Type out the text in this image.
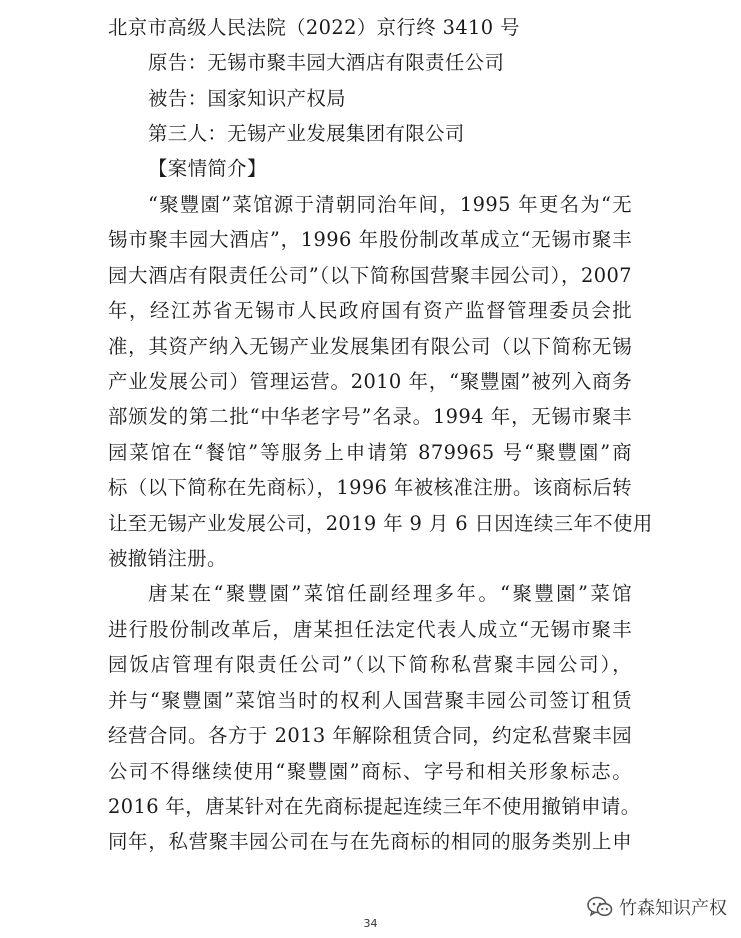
北京市高级人民法院（2022）京行终 3410 号
原告：无锡市聚丰园大酒店有限责任公司
被告：国家知识产权局
第三人：无锡产业发展集团有限公司
【案情简介】
“聚豐園”菜馆源于清朝同治年间，1995 年更名为“无
锡市聚丰园大酒店”，1996 年股份制改革成立“无锡市聚丰
园大酒店有限责任公司”（以下简称国营聚丰园公司），2007
年，经江苏省无锡市人民政府国有资产监督管理委员会批
准，其资产纳入无锡产业发展集团有限公司（以下简称无锡
产业发展公司）管理运营。2010 年，“聚豐園”被列入商务
部颁发的第二批“中华老字号”名录。1994 年，无锡市聚丰
园菜馆在“餐馆”等服务上申请第 879965 号“聚豐園”商
标（以下简称在先商标），1996 年被核准注册。该商标后转
让至无锡产业发展公司，2019 年 9 月 6 日因连续三年不使用
被撤销注册。
唐某在“聚豐園”菜馆任副经理多年。“聚豐園”菜馆
进行股份制改革后，唐某担任法定代表人成立“无锡市聚丰
园饭店管理有限责任公司”（以下简称私营聚丰园公司），
并与“聚豐園”菜馆当时的权利人国营聚丰园公司签订租赁
经营合同。各方于 2013 年解除租赁合同，约定私营聚丰园
公司不得继续使用“聚豐園”商标、字号和相关形象标志。
2016 年，唐某针对在先商标提起连续三年不使用撤销申请。
同年，私营聚丰园公司在与在先商标的相同的服务类别上申
34
竹森知识产权
